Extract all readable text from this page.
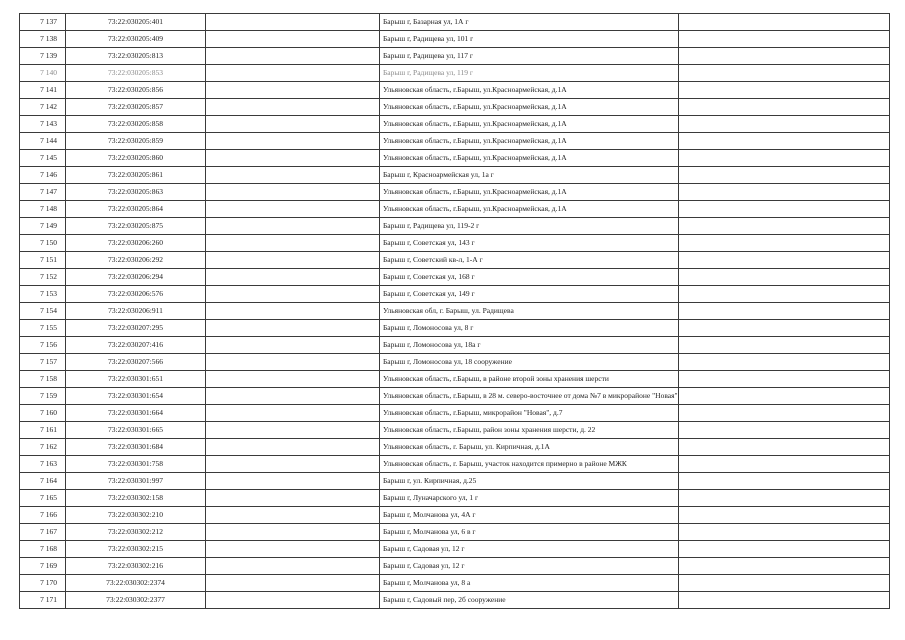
7 137	73:22:030205:401		Барыш г, Базарная ул, 1А г	
7 138	73:22:030205:409		Барыш г, Радищева ул, 101 г	
7 139	73:22:030205:813		Барыш г, Радищева ул, 117 г	
7 140	73:22:030205:853		Барыш г, Радищева ул, 119 г	
7 141	73:22:030205:856		Ульяновская область, г.Барыш, ул.Красноармейская, д.1А	
7 142	73:22:030205:857		Ульяновская область, г.Барыш, ул.Красноармейская, д.1А	
7 143	73:22:030205:858		Ульяновская область, г.Барыш, ул.Красноармейская, д.1А	
7 144	73:22:030205:859		Ульяновская область, г.Барыш, ул.Красноармейская, д.1А	
7 145	73:22:030205:860		Ульяновская область, г.Барыш, ул.Красноармейская, д.1А	
7 146	73:22:030205:861		Барыш г, Красноармейская ул, 1а г	
7 147	73:22:030205:863		Ульяновская область, г.Барыш, ул.Красноармейская, д.1А	
7 148	73:22:030205:864		Ульяновская область, г.Барыш, ул.Красноармейская, д.1А	
7 149	73:22:030205:875		Барыш г, Радищева ул, 119-2 г	
7 150	73:22:030206:260		Барыш г, Советская ул, 143 г	
7 151	73:22:030206:292		Барыш г, Советский кв-л, 1-А г	
7 152	73:22:030206:294		Барыш г, Советская ул, 168 г	
7 153	73:22:030206:576		Барыш г, Советская ул, 149 г	
7 154	73:22:030206:911		Ульяновская обл, г. Барыш, ул. Радищева	
7 155	73:22:030207:295		Барыш г, Ломоносова ул, 8 г	
7 156	73:22:030207:416		Барыш г, Ломоносова ул, 18а г	
7 157	73:22:030207:566		Барыш г, Ломоносова ул, 18 сооружение	
7 158	73:22:030301:651		Ульяновская область, г.Барыш, в районе второй зоны хранения шерсти	
7 159	73:22:030301:654		Ульяновская область, г.Барыш, в 28 м. северо-восточнее от дома №7 в микрорайоне "Новая"	
7 160	73:22:030301:664		Ульяновская область, г.Барыш, микрорайон "Новая", д.7	
7 161	73:22:030301:665		Ульяновская область, г.Барыш, район зоны хранения шерсти, д. 22	
7 162	73:22:030301:684		Ульяновская область, г. Барыш, ул. Кирпичная, д.1А	
7 163	73:22:030301:758		Ульяновская область, г. Барыш, участок находится примерно в районе МЖК	
7 164	73:22:030301:997		Барыш г, ул. Кирпичная, д.25	
7 165	73:22:030302:158		Барыш г, Луначарского ул, 1 г	
7 166	73:22:030302:210		Барыш г, Молчанова ул, 4А г	
7 167	73:22:030302:212		Барыш г, Молчанова ул, 6 в г	
7 168	73:22:030302:215		Барыш г, Садовая ул, 12 г	
7 169	73:22:030302:216		Барыш г, Садовая ул, 12 г	
7 170	73:22:030302:2374		Барыш г, Молчанова ул, 8 а	
7 171	73:22:030302:2377		Барыш г, Садовый пер, 2б сооружение	
